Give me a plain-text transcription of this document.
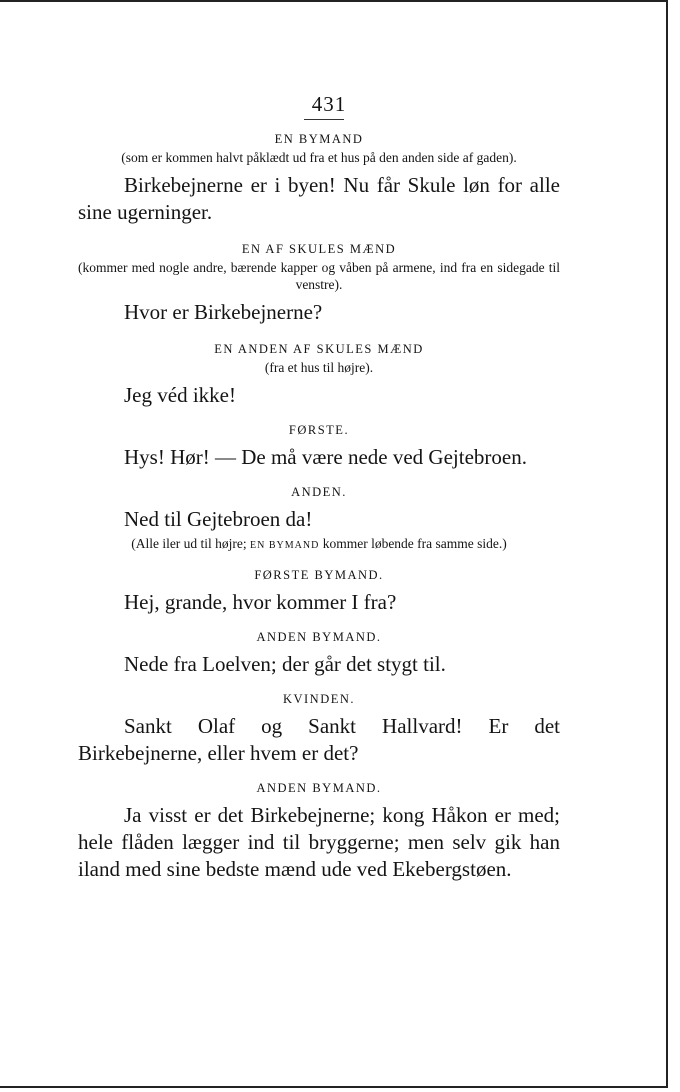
431
EN BYMAND
(som er kommen halvt påklædt ud fra et hus på den anden side af gaden).
Birkebejnerne er i byen! Nu får Skule løn for alle sine ugerninger.
EN AF SKULES MÆND
(kommer med nogle andre, bærende kapper og våben på armene, ind fra en sidegade til venstre).
Hvor er Birkebejnerne?
EN ANDEN AF SKULES MÆND
(fra et hus til højre).
Jeg véd ikke!
FØRSTE.
Hys! Hør! — De må være nede ved Gejtebroen.
ANDEN.
Ned til Gejtebroen da!
(Alle iler ud til højre; EN BYMAND kommer løbende fra samme side.)
FØRSTE BYMAND.
Hej, grande, hvor kommer I fra?
ANDEN BYMAND.
Nede fra Loelven; der går det stygt til.
KVINDEN.
Sankt Olaf og Sankt Hallvard! Er det Birkebejnerne, eller hvem er det?
ANDEN BYMAND.
Ja visst er det Birkebejnerne; kong Håkon er med; hele flåden lægger ind til bryggerne; men selv gik han iland med sine bedste mænd ude ved Ekebergstøen.
